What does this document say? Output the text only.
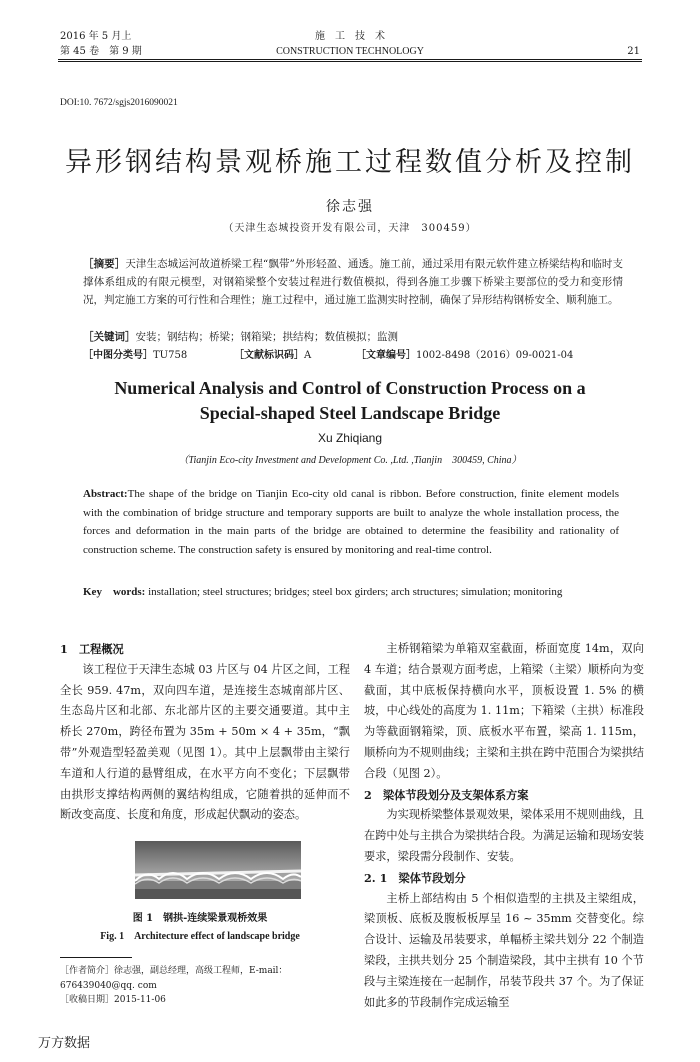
2016 年 5 月上
第 45 卷　第 9 期
施　工　技　术
CONSTRUCTION TECHNOLOGY	21
DOI:10. 7672/sgjs2016090021
异形钢结构景观桥施工过程数值分析及控制
徐志强
（天津生态城投资开发有限公司，天津　300459）
［摘要］天津生态城运河故道桥梁工程“飘带”外形轻盈、通透。施工前，通过采用有限元软件建立桥梁结构和临时支撑体系组成的有限元模型，对钢箱梁整个安装过程进行数值模拟，得到各施工步骤下桥梁主要部位的受力和变形情况，判定施工方案的可行性和合理性；施工过程中，通过施工监测实时控制，确保了异形结构钢桥安全、顺利施工。
［关键词］安装；钢结构；桥梁；钢箱梁；拱结构；数值模拟；监测
［中图分类号］TU758	［文献标识码］A	［文章编号］1002-8498（2016）09-0021-04
Numerical Analysis and Control of Construction Process on a
Special-shaped Steel Landscape Bridge
Xu Zhiqiang
（Tianjin Eco-city Investment and Development Co. ,Ltd. ,Tianjin　300459, China）
Abstract:The shape of the bridge on Tianjin Eco-city old canal is ribbon. Before construction, finite element models with the combination of bridge structure and temporary supports are built to analyze the whole installation process, the forces and deformation in the main parts of the bridge are obtained to determine the feasibility and rationality of construction scheme. The construction safety is ensured by monitoring and real-time control.
Key　words: installation; steel structures; bridges; steel box girders; arch structures; simulation; monitoring

1　工程概况

该工程位于天津生态城 03 片区与 04 片区之间，工程全长 959. 47m，双向四车道，是连接生态城南部片区、生态岛片区和北部、东北部片区的主要交通要道。其中主桥长 270m，跨径布置为 35m + 50m × 4 + 35m，“飘带”外观造型轻盈美观（见图 1）。其中上层飘带由主梁行车道和人行道的悬臂组成，在水平方向不变化；下层飘带由拱形支撑结构两侧的翼结构组成，它随着拱的延伸而不断改变高度、长度和角度，形成起伏飘动的姿态。

图 1　钢拱-连续梁景观桥效果
Fig. 1　Architecture effect of landscape bridge
［作者简介］徐志强，副总经理，高级工程师，E-mail：676439040@qq. com
［收稿日期］2015-11-06

主桥钢箱梁为单箱双室截面，桥面宽度 14m，双向 4 车道；结合景观方面考虑，上箱梁（主梁）顺桥向为变截面，其中底板保持横向水平，顶板设置 1. 5% 的横坡，中心线处的高度为 1. 11m；下箱梁（主拱）标准段为等截面钢箱梁，顶、底板水平布置，梁高 1. 115m，顺桥向为不规则曲线；主梁和主拱在跨中范围合为梁拱结合段（见图 2）。

2　梁体节段划分及支架体系方案

为实现桥梁整体景观效果，梁体采用不规则曲线，且在跨中处与主拱合为梁拱结合段。为满足运输和现场安装要求，梁段需分段制作、安装。

2. 1　梁体节段划分

主桥上部结构由 5 个相似造型的主拱及主梁组成，梁顶板、底板及腹板板厚呈 16 ~ 35mm 交替变化。综合设计、运输及吊装要求，单幅桥主梁共划分 22 个制造梁段，主拱共划分 25 个制造梁段，其中主拱有 10 个节段与主梁连接在一起制作，吊装节段共 37 个。为了保证如此多的节段制作完成运输至

万方数据
